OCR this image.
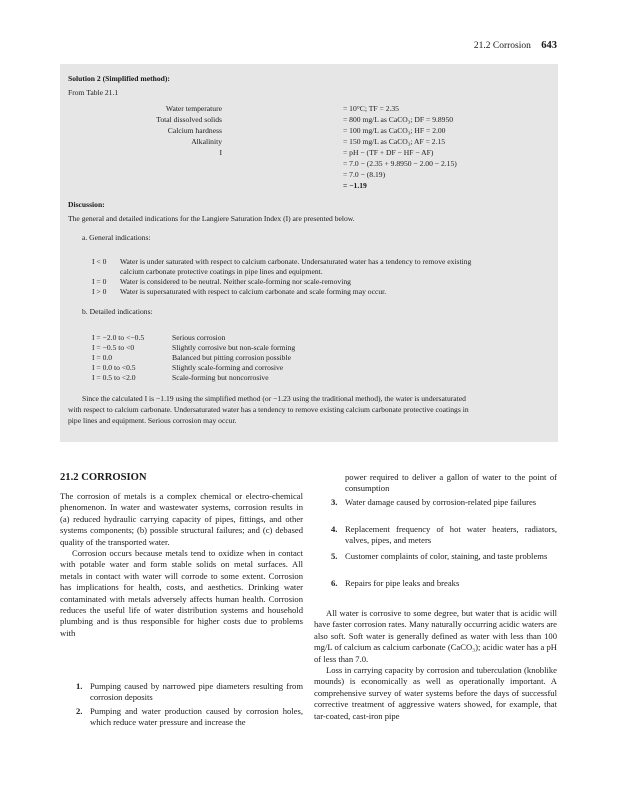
21.2 Corrosion 643
Solution 2 (Simplified method):
From Table 21.1
Water temperature	= 10°C; TF = 2.35
Total dissolved solids	= 800 mg/L as CaCO₃; DF = 9.8950
Calcium hardness	= 100 mg/L as CaCO₃; HF = 2.00
Alkalinity	= 150 mg/L as CaCO₃; AF = 2.15
I	= pH − (TF + DF − HF − AF)
= 7.0 − (2.35 + 9.8950 − 2.00 − 2.15)
= 7.0 − (8.19)
= −1.19
Discussion:
The general and detailed indications for the Langiere Saturation Index (I) are presented below.
a. General indications:
I < 0 Water is under saturated with respect to calcium carbonate. Undersaturated water has a tendency to remove existing
calcium carbonate protective coatings in pipe lines and equipment.
I = 0 Water is considered to be neutral. Neither scale-forming nor scale-removing
I > 0 Water is supersaturated with respect to calcium carbonate and scale forming may occur.
b. Detailed indications:
I = −2.0 to <−0.5	Serious corrosion
I = −0.5 to <0	Slightly corrosive but non-scale forming
I = 0.0	Balanced but pitting corrosion possible
I = 0.0 to <0.5	Slightly scale-forming and corrosive
I = 0.5 to <2.0	Scale-forming but noncorrosive
Since the calculated I is −1.19 using the simplified method (or −1.23 using the traditional method), the water is undersaturated
with respect to calcium carbonate. Undersaturated water has a tendency to remove existing calcium carbonate protective coatings in
pipe lines and equipment. Serious corrosion may occur.
21.2 CORROSION

The corrosion of metals is a complex chemical or electro-chemical phenomenon. In water and wastewater systems, corrosion results in (a) reduced hydraulic carrying capacity of pipes, fittings, and other systems components; (b) possible structural failures; and (c) debased quality of the transported water.

Corrosion occurs because metals tend to oxidize when in contact with potable water and form stable solids on metal surfaces. All metals in contact with water will corrode to some extent. Corrosion has implications for health, costs, and aesthetics. Drinking water contaminated with metals adversely affects human health. Corrosion reduces the useful life of water distribution systems and household plumbing and is thus responsible for higher costs due to problems with

1. Pumping caused by narrowed pipe diameters resulting from corrosion deposits
2. Pumping and water production caused by corrosion holes, which reduce water pressure and increase the
power required to deliver a gallon of water to the point of consumption
3. Water damage caused by corrosion-related pipe failures
4. Replacement frequency of hot water heaters, radiators, valves, pipes, and meters
5. Customer complaints of color, staining, and taste problems
6. Repairs for pipe leaks and breaks

All water is corrosive to some degree, but water that is acidic will have faster corrosion rates. Many naturally occurring acidic waters are also soft. Soft water is generally defined as water with less than 100 mg/L of calcium as calcium carbonate (CaCO₃); acidic water has a pH of less than 7.0.

Loss in carrying capacity by corrosion and tuberculation (knoblike mounds) is economically as well as operationally important. A comprehensive survey of water systems before the days of successful corrective treatment of aggressive waters showed, for example, that tar-coated, cast-iron pipe
